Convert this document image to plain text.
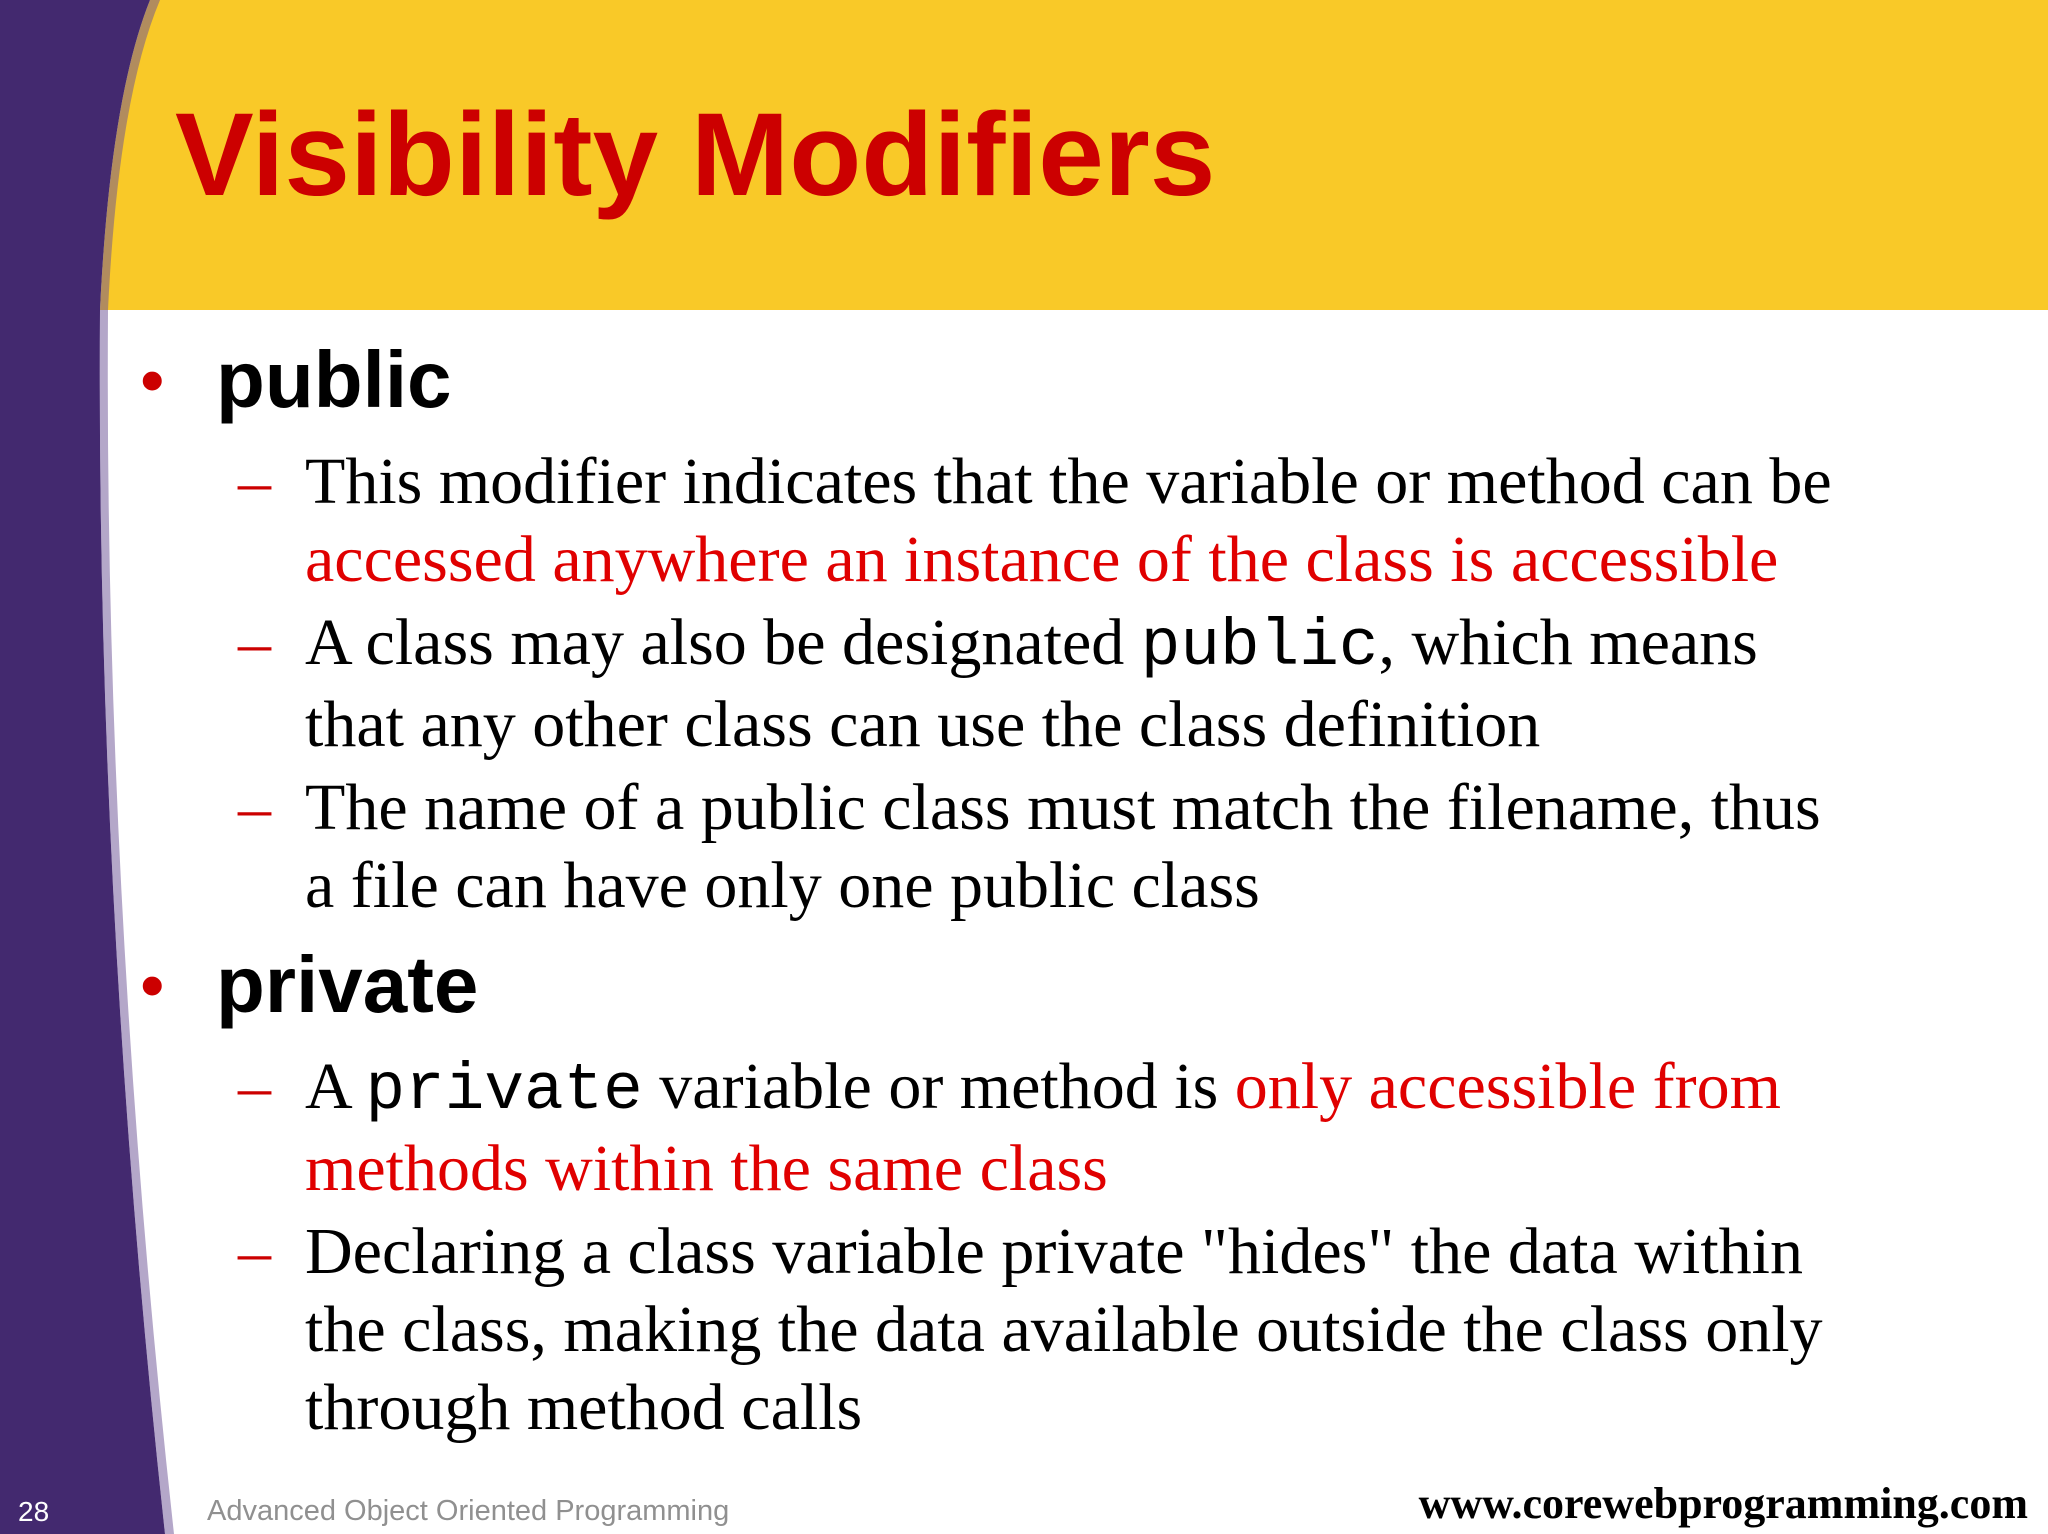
Visibility Modifiers
• public
– This modifier indicates that the variable or method can be
accessed anywhere an instance of the class is accessible
– A class may also be designated public, which means
that any other class can use the class definition
– The name of a public class must match the filename, thus
a file can have only one public class
• private
– A private variable or method is only accessible from
methods within the same class
– Declaring a class variable private "hides" the data within
the class, making the data available outside the class only
through method calls
28	Advanced Object Oriented Programming	www.corewebprogramming.com
